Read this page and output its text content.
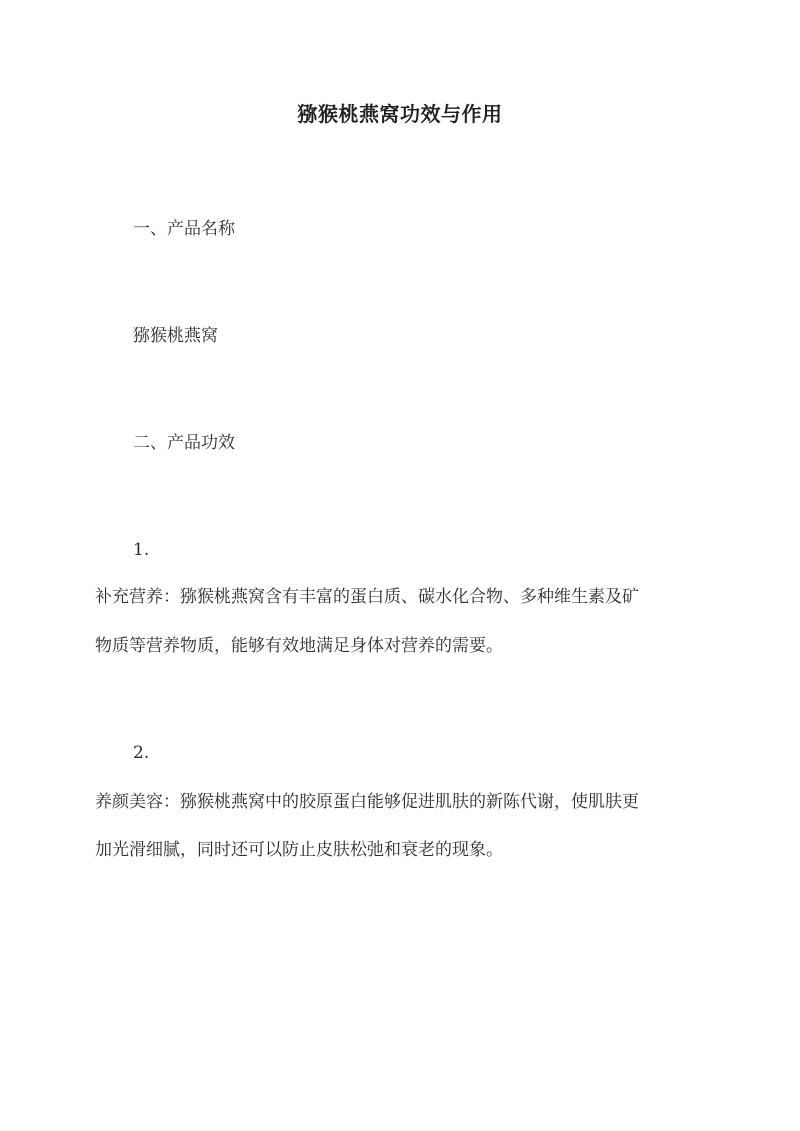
猕猴桃燕窝功效与作用
一、产品名称
猕猴桃燕窝
二、产品功效
1.
补充营养：猕猴桃燕窝含有丰富的蛋白质、碳水化合物、多种维生素及矿
物质等营养物质，能够有效地满足身体对营养的需要。
2.
养颜美容：猕猴桃燕窝中的胶原蛋白能够促进肌肤的新陈代谢，使肌肤更
加光滑细腻，同时还可以防止皮肤松弛和衰老的现象。
